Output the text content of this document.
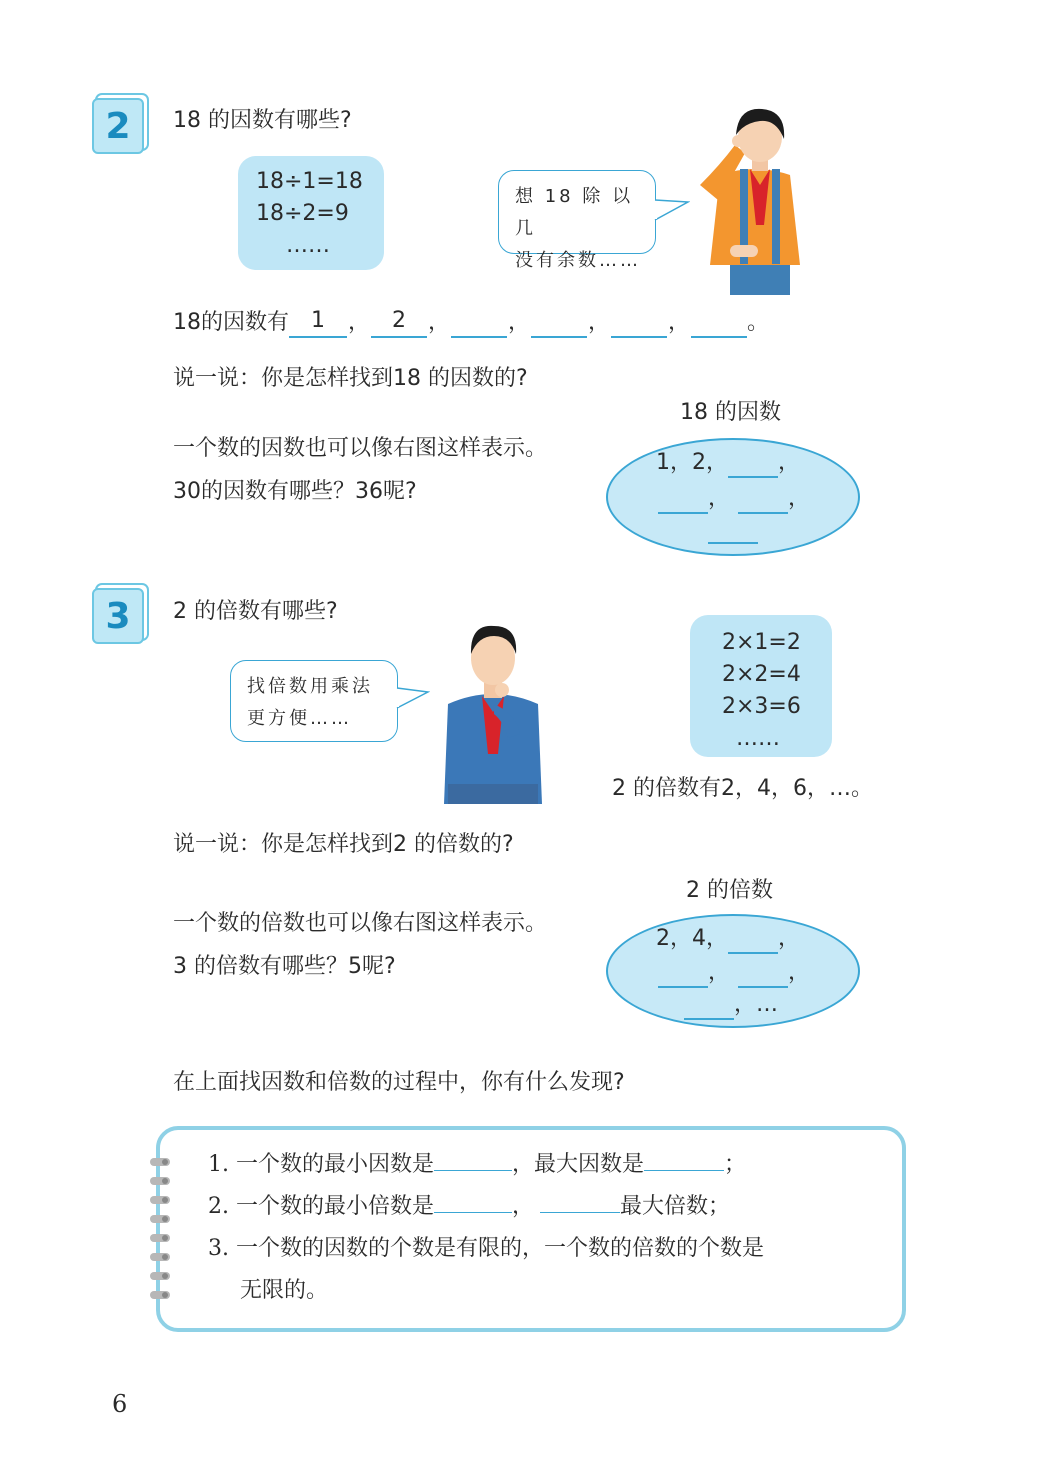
2	18 的因数有哪些?
18÷1=18
18÷2=9
……
想 18 除 以 几
没有余数……
18的因数有 1 ， 2 ，	，	，	，	。
说一说：你是怎样找到18 的因数的?
18 的因数
一个数的因数也可以像右图这样表示。
30的因数有哪些？36呢?
1，2， ，
，	，
3	2 的倍数有哪些?
找倍数用乘法
更方便……
2×1=2
2×2=4
2×3=6
……
2 的倍数有2，4，6，…。
说一说：你是怎样找到2 的倍数的?
2 的倍数
一个数的倍数也可以像右图这样表示。
3 的倍数有哪些？5呢?
2，4， ，
，	，
，…
在上面找因数和倍数的过程中，你有什么发现?
1. 一个数的最小因数是	，最大因数是	；
2. 一个数的最小倍数是	，	最大倍数；
3. 一个数的因数的个数是有限的，一个数的倍数的个数是
无限的。
6
